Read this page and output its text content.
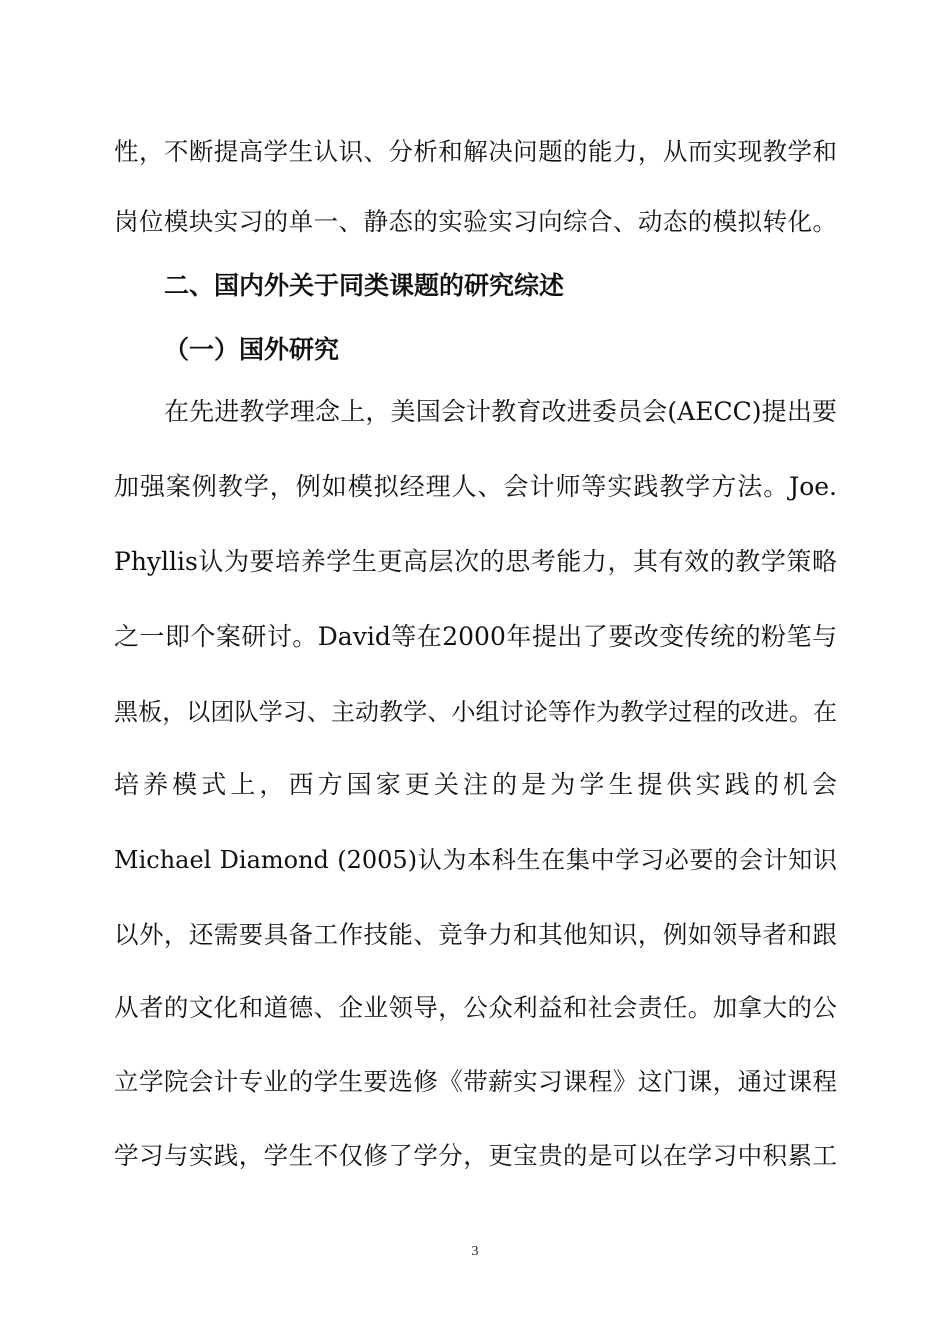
性，不断提高学生认识、分析和解决问题的能力，从而实现教学和
岗位模块实习的单一、静态的实验实习向综合、动态的模拟转化。
二、国内外关于同类课题的研究综述
（一）国外研究
在先进教学理念上，美国会计教育改进委员会(AECC)提出要
加强案例教学，例如模拟经理人、会计师等实践教学方法。Joe.
Phyllis认为要培养学生更高层次的思考能力，其有效的教学策略
之一即个案研讨。David等在2000年提出了要改变传统的粉笔与
黑板，以团队学习、主动教学、小组讨论等作为教学过程的改进。在
培养模式上，西方国家更关注的是为学生提供实践的机会
Michael Diamond (2005)认为本科生在集中学习必要的会计知识
以外，还需要具备工作技能、竞争力和其他知识，例如领导者和跟
从者的文化和道德、企业领导，公众利益和社会责任。加拿大的公
立学院会计专业的学生要选修《带薪实习课程》这门课，通过课程
学习与实践，学生不仅修了学分，更宝贵的是可以在学习中积累工
3
